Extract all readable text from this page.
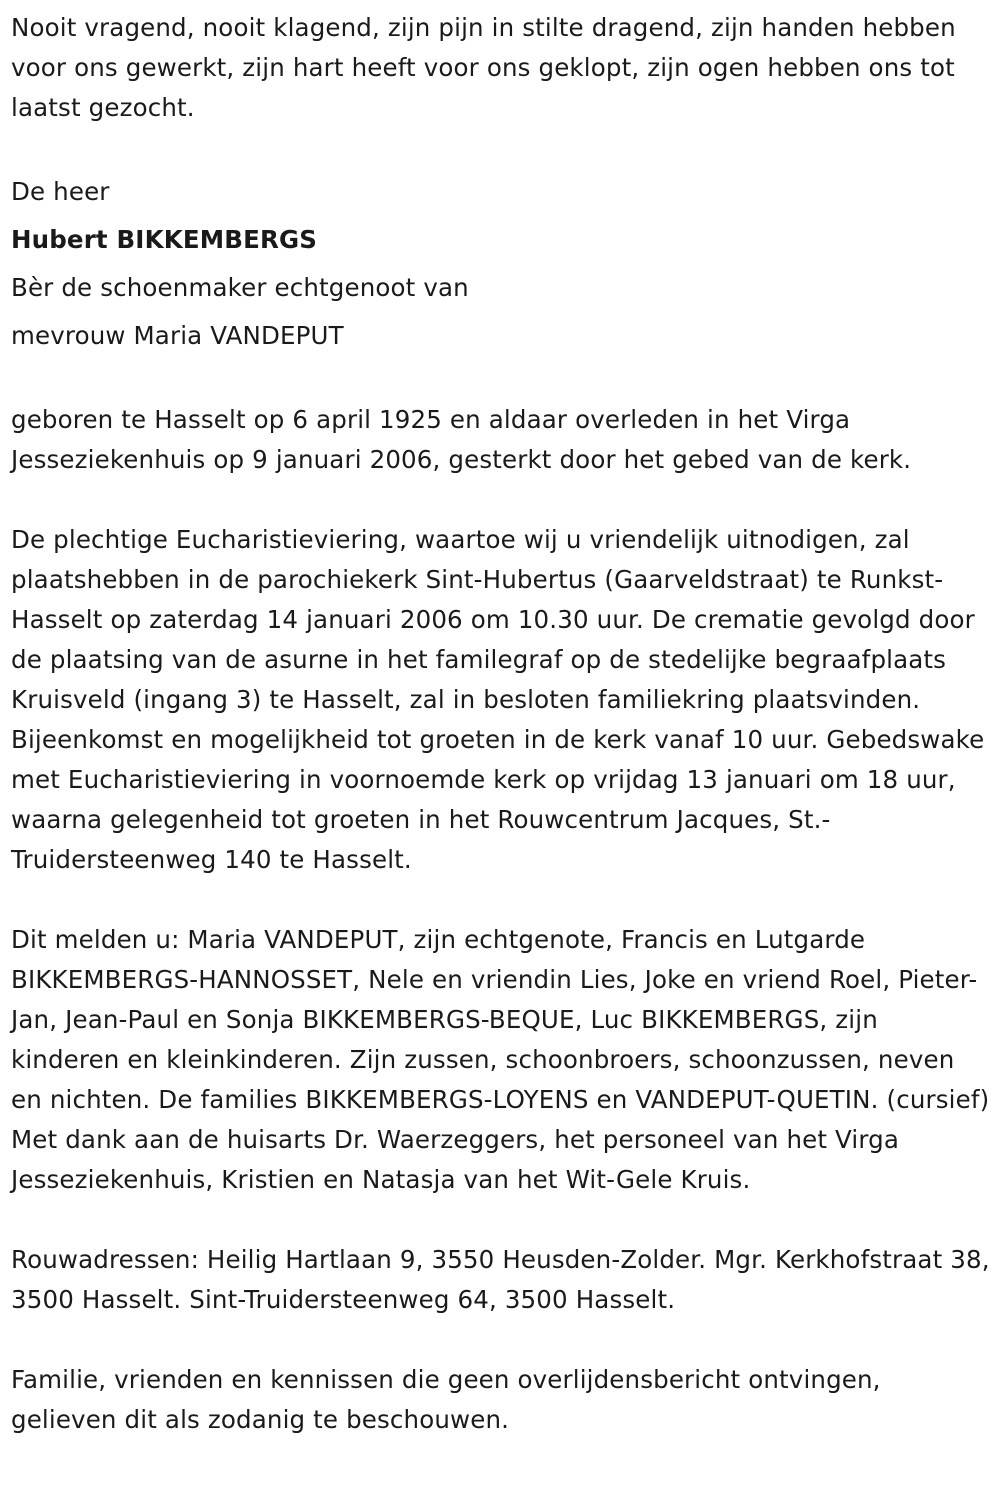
Nooit vragend, nooit klagend, zijn pijn in stilte dragend, zijn handen hebben voor ons gewerkt, zijn hart heeft voor ons geklopt, zijn ogen hebben ons tot laatst gezocht.

De heer
Hubert BIKKEMBERGS
Bèr de schoenmaker echtgenoot van
mevrouw Maria VANDEPUT

geboren te Hasselt op 6 april 1925 en aldaar overleden in het Virga Jesseziekenhuis op 9 januari 2006, gesterkt door het gebed van de kerk.

De plechtige Eucharistieviering, waartoe wij u vriendelijk uitnodigen, zal plaatshebben in de parochiekerk Sint-Hubertus (Gaarveldstraat) te Runkst-Hasselt op zaterdag 14 januari 2006 om 10.30 uur. De crematie gevolgd door de plaatsing van de asurne in het familegraf op de stedelijke begraafplaats Kruisveld (ingang 3) te Hasselt, zal in besloten familiekring plaatsvinden. Bijeenkomst en mogelijkheid tot groeten in de kerk vanaf 10 uur. Gebedswake met Eucharistieviering in voornoemde kerk op vrijdag 13 januari om 18 uur, waarna gelegenheid tot groeten in het Rouwcentrum Jacques, St.-Truidersteenweg 140 te Hasselt.

Dit melden u: Maria VANDEPUT, zijn echtgenote, Francis en Lutgarde BIKKEMBERGS-HANNOSSET, Nele en vriendin Lies, Joke en vriend Roel, Pieter-Jan, Jean-Paul en Sonja BIKKEMBERGS-BEQUE, Luc BIKKEMBERGS, zijn kinderen en kleinkinderen. Zijn zussen, schoonbroers, schoonzussen, neven en nichten. De families BIKKEMBERGS-LOYENS en VANDEPUT-QUETIN. (cursief) Met dank aan de huisarts Dr. Waerzeggers, het personeel van het Virga Jesseziekenhuis, Kristien en Natasja van het Wit-Gele Kruis.

Rouwadressen: Heilig Hartlaan 9, 3550 Heusden-Zolder. Mgr. Kerkhofstraat 38, 3500 Hasselt. Sint-Truidersteenweg 64, 3500 Hasselt.

Familie, vrienden en kennissen die geen overlijdensbericht ontvingen, gelieven dit als zodanig te beschouwen.
